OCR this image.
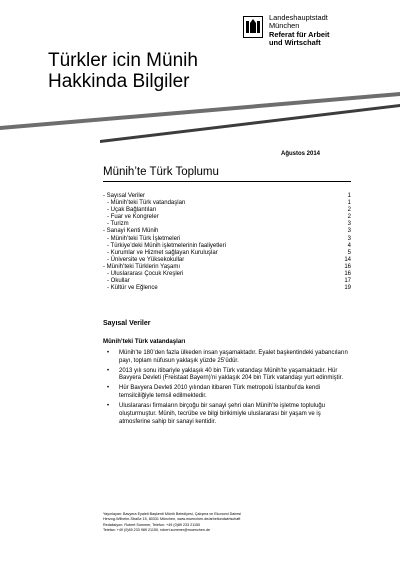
Landeshauptstadt
München
Referat für Arbeit
und Wirtschaft
Türkler icin Münih
Hakkinda Bilgiler
Ağustos 2014
Münih’te Türk Toplumu
- Sayısal Veriler	1
- Münih’teki Türk vatandaşları	1
- Uçak Bağlantıları	2
- Fuar ve Kongreler	2
- Turizm	3
- Sanayi Kenti Münih	3
- Münih’teki Türk İşletmeleri	3
- Türkiye’deki Münih işletmelerinin faaliyetleri	4
- Kurumlar ve Hizmet sağlayan Kuruluşlar	5
- Üniversite ve Yüksekokullar	14
- Münih’teki Türklerin Yaşamı	16
- Uluslararası Çocuk Kreşleri	16
- Okullar	17
- Kültür ve Eğlence	19
Sayısal Veriler
Münih’teki Türk vatandaşları
• Münih’te 180’den fazla ülkeden insan yaşamaktadır. Eyalet başkentindeki yabancıların payı, toplam nüfusun yaklaşık yüzde 25’üdür.
• 2013 yılı sonu itibariyle yaklaşık 40 bin Türk vatandaşı Münih’te yaşamaktadır. Hür Bavyera Devleti (Freistaat Bayern)’ni yaklaşık 204 bin Türk vatandaşı yurt edinmiştir.
• Hür Bavyera Devleti 2010 yılından itibaren Türk metropolü İstanbul’da kendi temsilciliğiyle temsil edilmektedir.
• Uluslararası firmaların birçoğu bir sanayi şehri olan Münih’te işletme topluluğu oluşturmuştur. Münih, tecrübe ve bilgi birikimiyle uluslararası bir yaşam ve iş atmosferine sahip bir sanayi kentidir.
Yayınlayan: Bavyera Eyaleti Başkenti Münih Belediyesi, Çalışma ve Ekonomi Dairesi
Herzog-Wilhelm-Straße 15, 80331 München, www.muenchen.de/arbeitundwirtschaft
Redaksiyon: Robert Sommer, Telefon: +49 (0)89 233 21150
Telefax: +49 (0)89 233 989 21150, robert.sommer@muenchen.de
